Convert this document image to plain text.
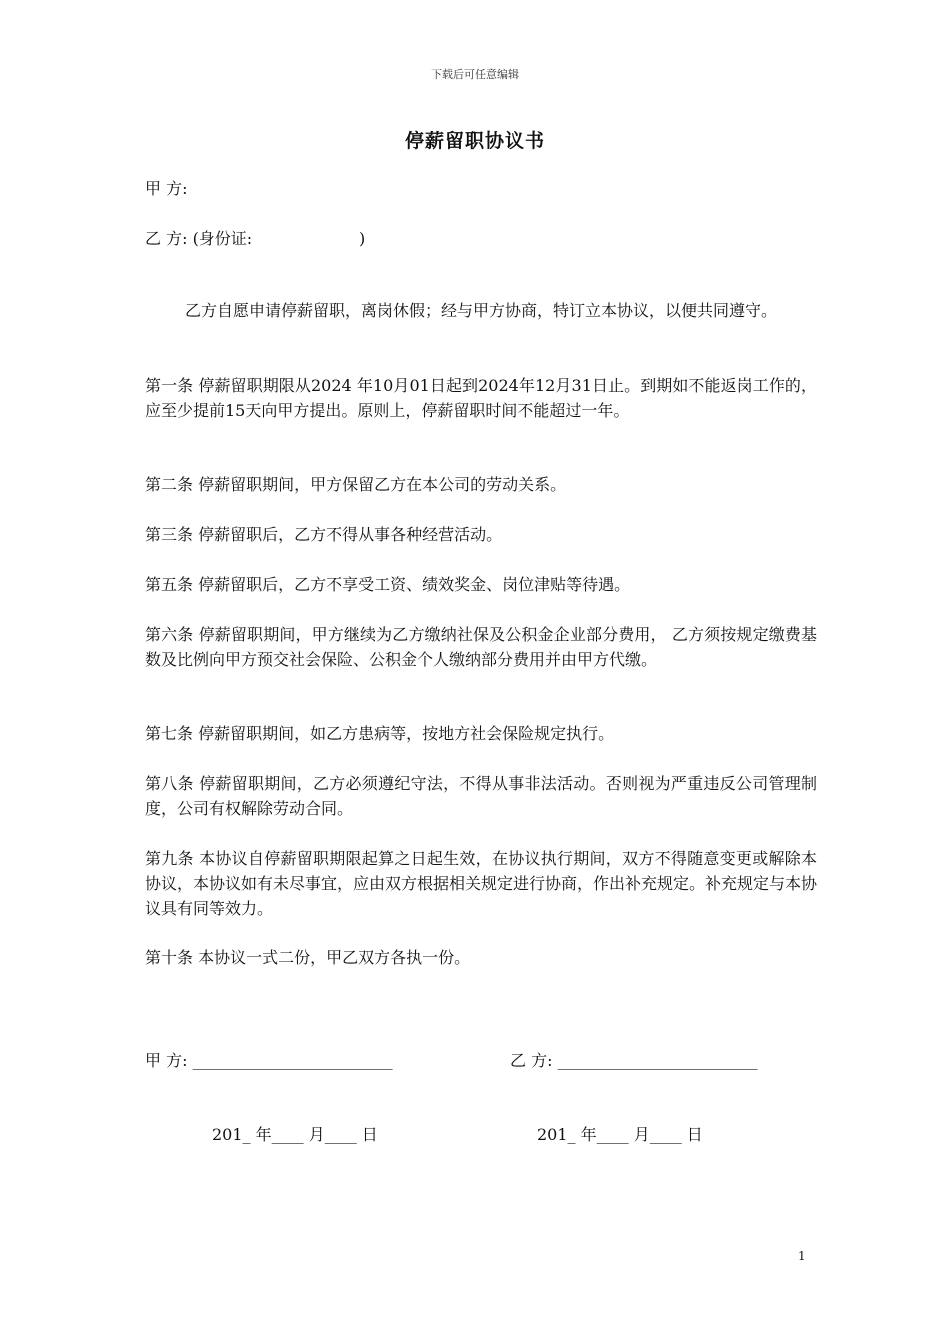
下载后可任意编辑
停薪留职协议书
甲 方:
乙 方: (身份证:                     )
乙方自愿申请停薪留职，离岗休假；经与甲方协商，特订立本协议，以便共同遵守。
第一条 停薪留职期限从2024 年10月01日起到2024年12月31日止。到期如不能返岗工作的，应至少提前15天向甲方提出。原则上，停薪留职时间不能超过一年。
第二条 停薪留职期间，甲方保留乙方在本公司的劳动关系。
第三条 停薪留职后，乙方不得从事各种经营活动。
第五条 停薪留职后，乙方不享受工资、绩效奖金、岗位津贴等待遇。
第六条 停薪留职期间，甲方继续为乙方缴纳社保及公积金企业部分费用， 乙方须按规定缴费基数及比例向甲方预交社会保险、公积金个人缴纳部分费用并由甲方代缴。
第七条 停薪留职期间，如乙方患病等，按地方社会保险规定执行。
第八条 停薪留职期间，乙方必须遵纪守法，不得从事非法活动。否则视为严重违反公司管理制度，公司有权解除劳动合同。
第九条 本协议自停薪留职期限起算之日起生效，在协议执行期间，双方不得随意变更或解除本协议，本协议如有未尽事宜，应由双方根据相关规定进行协商，作出补充规定。补充规定与本协议具有同等效力。
第十条 本协议一式二份，甲乙双方各执一份。
甲 方: _________________________	乙 方: _________________________
201_ 年____ 月____ 日	201_ 年____ 月____ 日
1
